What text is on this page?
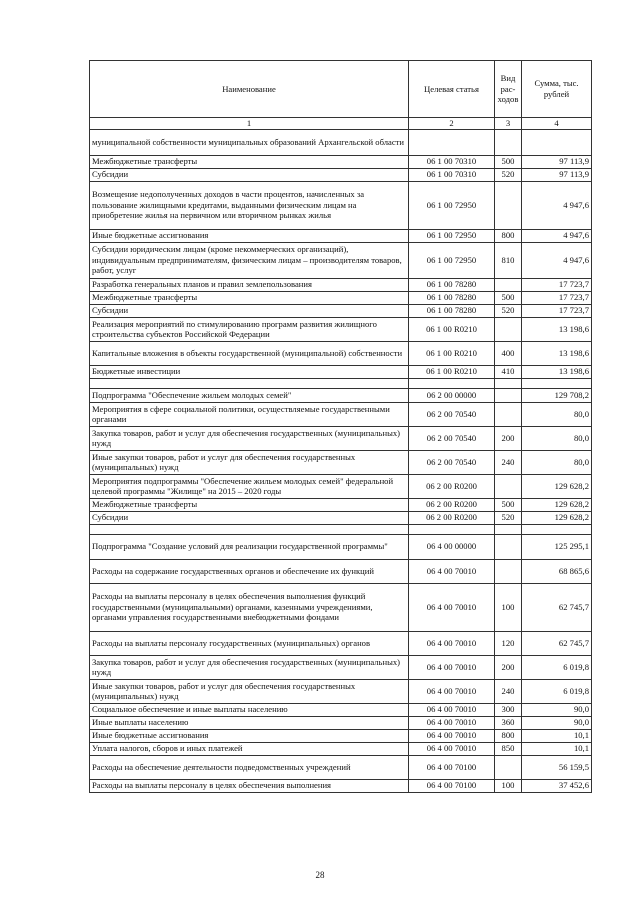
Наименование	Целевая статья	Вид рас-ходов	Сумма, тыс. рублей
1	2	3	4
муниципальной собственности муниципальных образований Архангельской области			
Межбюджетные трансферты	06 1 00 70310	500	97 113,9
Субсидии	06 1 00 70310	520	97 113,9
Возмещение недополученных доходов в части процентов, начисленных за пользование жилищными кредитами, выданными физическим лицам на приобретение жилья на первичном или вторичном рынках жилья	06 1 00 72950		4 947,6
Иные бюджетные ассигнования	06 1 00 72950	800	4 947,6
Субсидии юридическим лицам (кроме некоммерческих организаций), индивидуальным предпринимателям, физическим лицам – производителям товаров, работ, услуг	06 1 00 72950	810	4 947,6
Разработка генеральных планов и правил землепользования	06 1 00 78280		17 723,7
Межбюджетные трансферты	06 1 00 78280	500	17 723,7
Субсидии	06 1 00 78280	520	17 723,7
Реализация мероприятий по стимулированию программ развития жилищного строительства субъектов Российской Федерации	06 1 00 R0210		13 198,6
Капитальные вложения в объекты государственной (муниципальной) собственности	06 1 00 R0210	400	13 198,6
Бюджетные инвестиции	06 1 00 R0210	410	13 198,6

Подпрограмма "Обеспечение жильем молодых семей"	06 2 00 00000		129 708,2
Мероприятия в сфере социальной политики, осуществляемые государственными органами	06 2 00 70540		80,0
Закупка товаров, работ и услуг для обеспечения государственных (муниципальных) нужд	06 2 00 70540	200	80,0
Иные закупки товаров, работ и услуг для обеспечения государственных (муниципальных) нужд	06 2 00 70540	240	80,0
Мероприятия подпрограммы "Обеспечение жильем молодых семей" федеральной целевой программы "Жилище" на 2015 – 2020 годы	06 2 00 R0200		129 628,2
Межбюджетные трансферты	06 2 00 R0200	500	129 628,2
Субсидии	06 2 00 R0200	520	129 628,2

Подпрограмма "Создание условий для реализации государственной программы"	06 4 00 00000		125 295,1
Расходы на содержание государственных органов и обеспечение их функций	06 4 00 70010		68 865,6
Расходы на выплаты персоналу в целях обеспечения выполнения функций государственными (муниципальными) органами, казенными учреждениями, органами управления государственными внебюджетными фондами	06 4 00 70010	100	62 745,7
Расходы на выплаты персоналу государственных (муниципальных) органов	06 4 00 70010	120	62 745,7
Закупка товаров, работ и услуг для обеспечения государственных (муниципальных) нужд	06 4 00 70010	200	6 019,8
Иные закупки товаров, работ и услуг для обеспечения государственных (муниципальных) нужд	06 4 00 70010	240	6 019,8
Социальное обеспечение и иные выплаты населению	06 4 00 70010	300	90,0
Иные выплаты населению	06 4 00 70010	360	90,0
Иные бюджетные ассигнования	06 4 00 70010	800	10,1
Уплата налогов, сборов и иных платежей	06 4 00 70010	850	10,1
Расходы на обеспечение деятельности подведомственных учреждений	06 4 00 70100		56 159,5
Расходы на выплаты персоналу в целях обеспечения выполнения	06 4 00 70100	100	37 452,6
28
